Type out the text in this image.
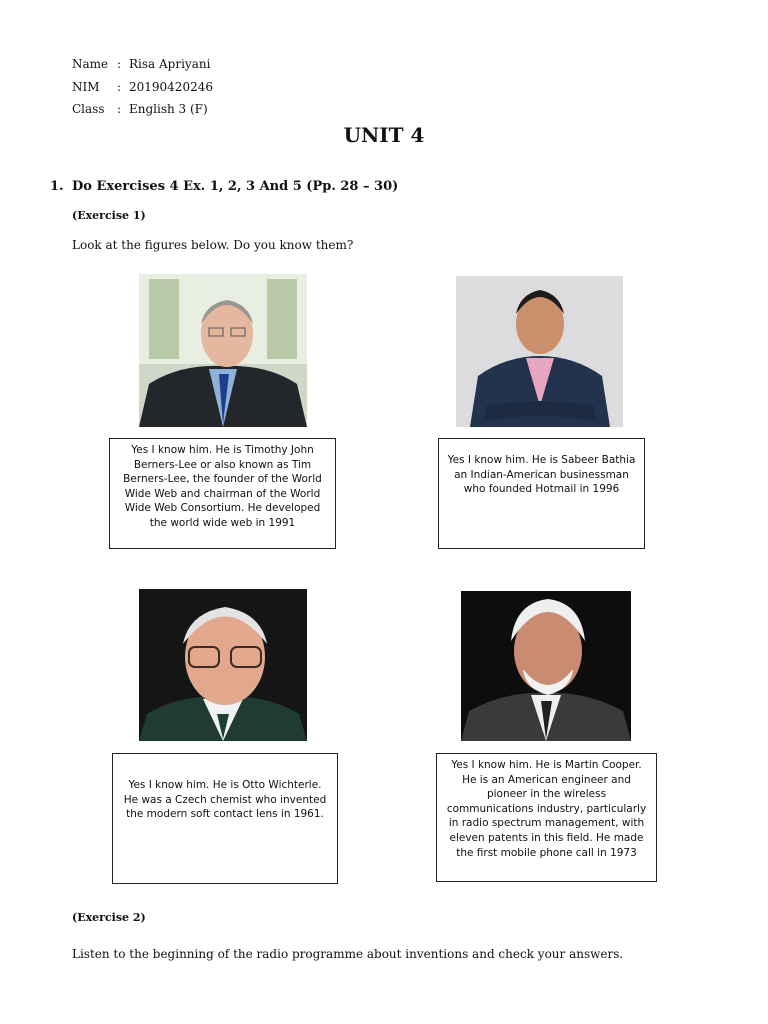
Name : Risa Apriyani
NIM : 20190420246
Class : English 3 (F)
UNIT 4
1. Do Exercises 4 Ex. 1, 2, 3 And 5 (Pp. 28 – 30)
(Exercise 1)
Look at the figures below. Do you know them?
Yes I know him. He is Timothy John Berners-Lee or also known as Tim Berners-Lee, the founder of the World Wide Web and chairman of the World Wide Web Consortium. He developed the world wide web in 1991
Yes I know him. He is Sabeer Bathia an Indian-American businessman who founded Hotmail in 1996
Yes I know him. He is Otto Wichterle. He was a Czech chemist who invented the modern soft contact lens in 1961.
Yes I know him. He is Martin Cooper. He is an American engineer and pioneer in the wireless communications industry, particularly in radio spectrum management, with eleven patents in this field. He made the first mobile phone call in 1973
(Exercise 2)
Listen to the beginning of the radio programme about inventions and check your answers.
